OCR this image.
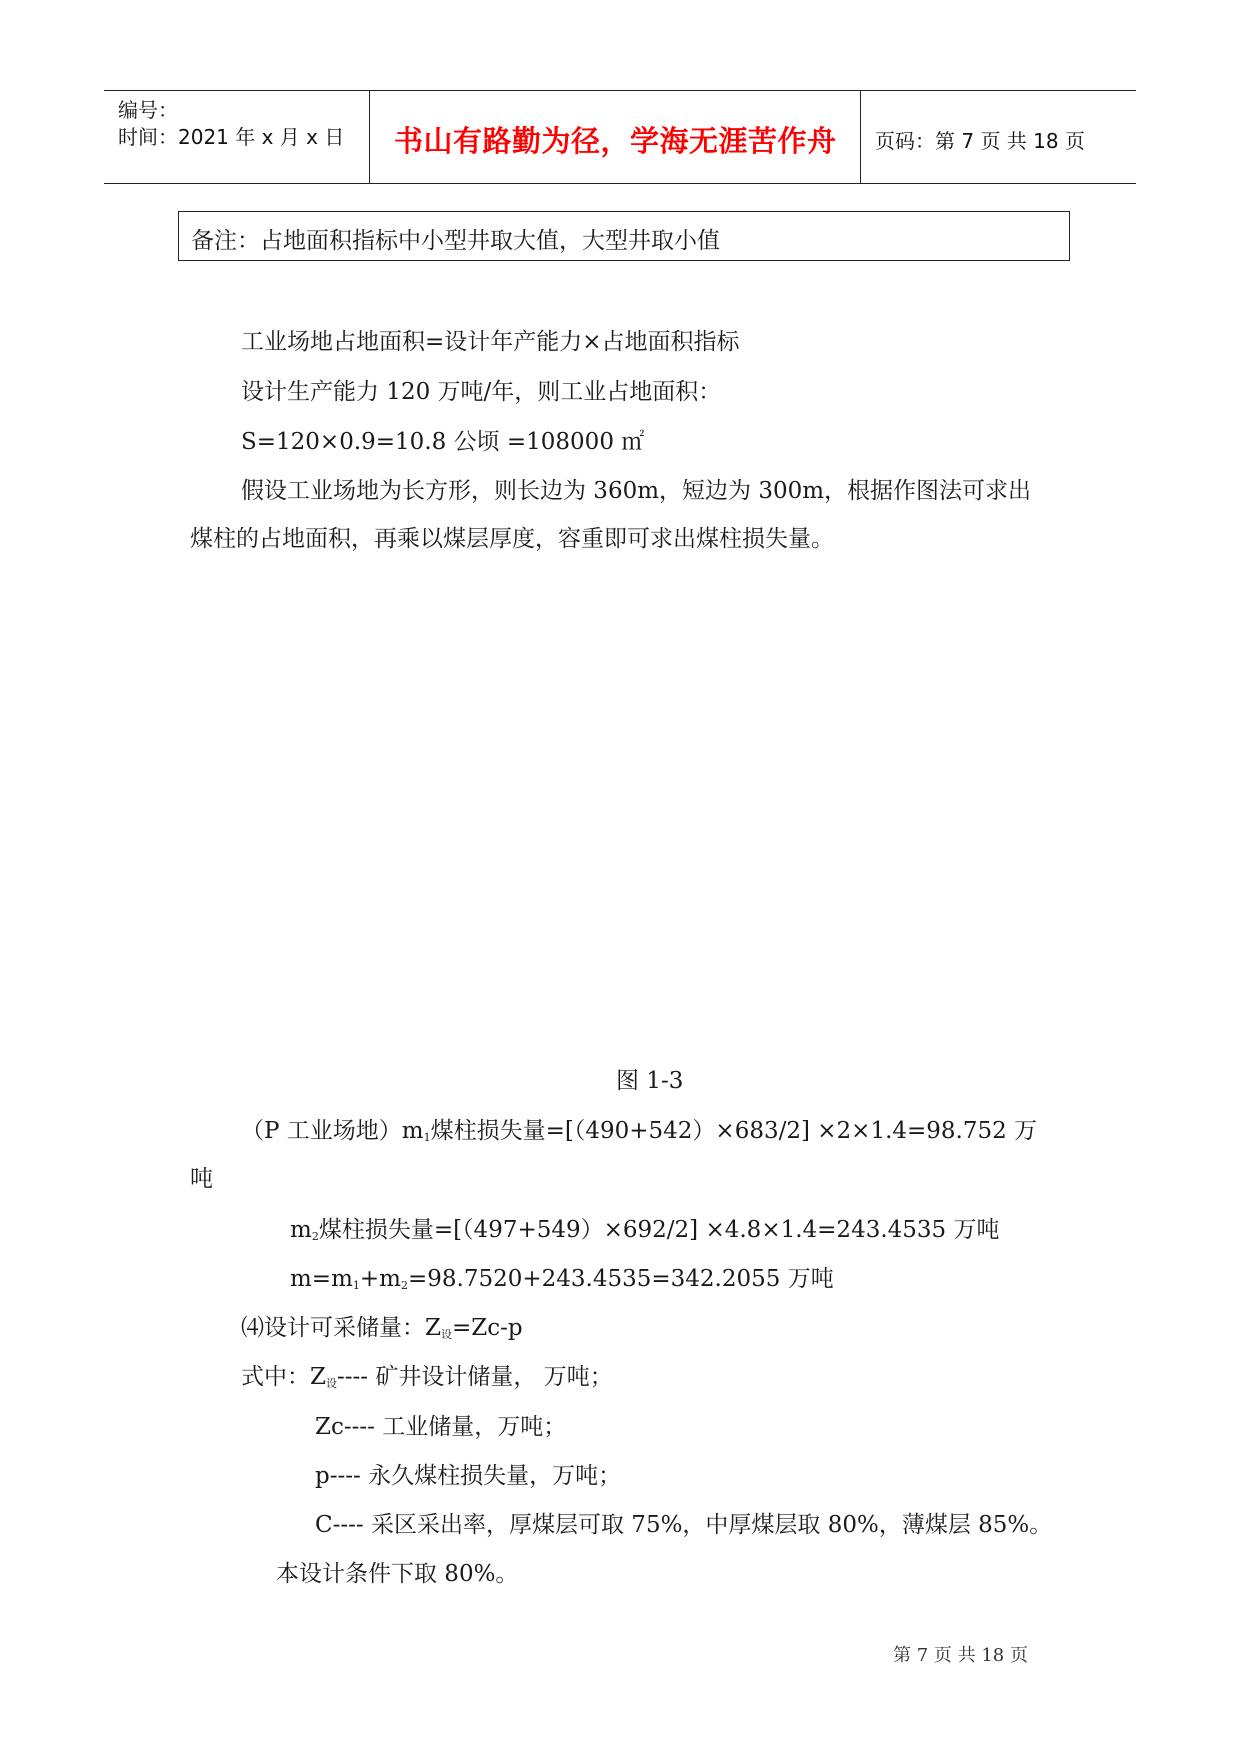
编号：
时间：2021 年 x 月 x 日 书山有路勤为径，学海无涯苦作舟 页码：第 7 页 共 18 页
备注：占地面积指标中小型井取大值，大型井取小值
工业场地占地面积=设计年产能力×占地面积指标
设计生产能力 120 万吨/年，则工业占地面积：
S=120×0.9=10.8 公顷 =108000 ㎡
假设工业场地为长方形，则长边为 360m，短边为 300m，根据作图法可求出
煤柱的占地面积，再乘以煤层厚度，容重即可求出煤柱损失量。
图 1-3
（P 工业场地）$m_1$煤柱损失量=[（490+542）×683/2] ×2×1.4=98.752 万
吨
$m_2$煤柱损失量=[（497+549）×692/2] ×4.8×1.4=243.4535 万吨
$m=m_1+m_2=98.7520+243.4535=342.2055$ 万吨
⑷设计可采储量：$Z_设=Zc-p$
式中：$Z_设----$ 矿井设计储量， 万吨；
Zc---- 工业储量，万吨；
p---- 永久煤柱损失量，万吨；
C---- 采区采出率，厚煤层可取 75%，中厚煤层取 80%，薄煤层 85%。
本设计条件下取 80%。
第 7 页 共 18 页
